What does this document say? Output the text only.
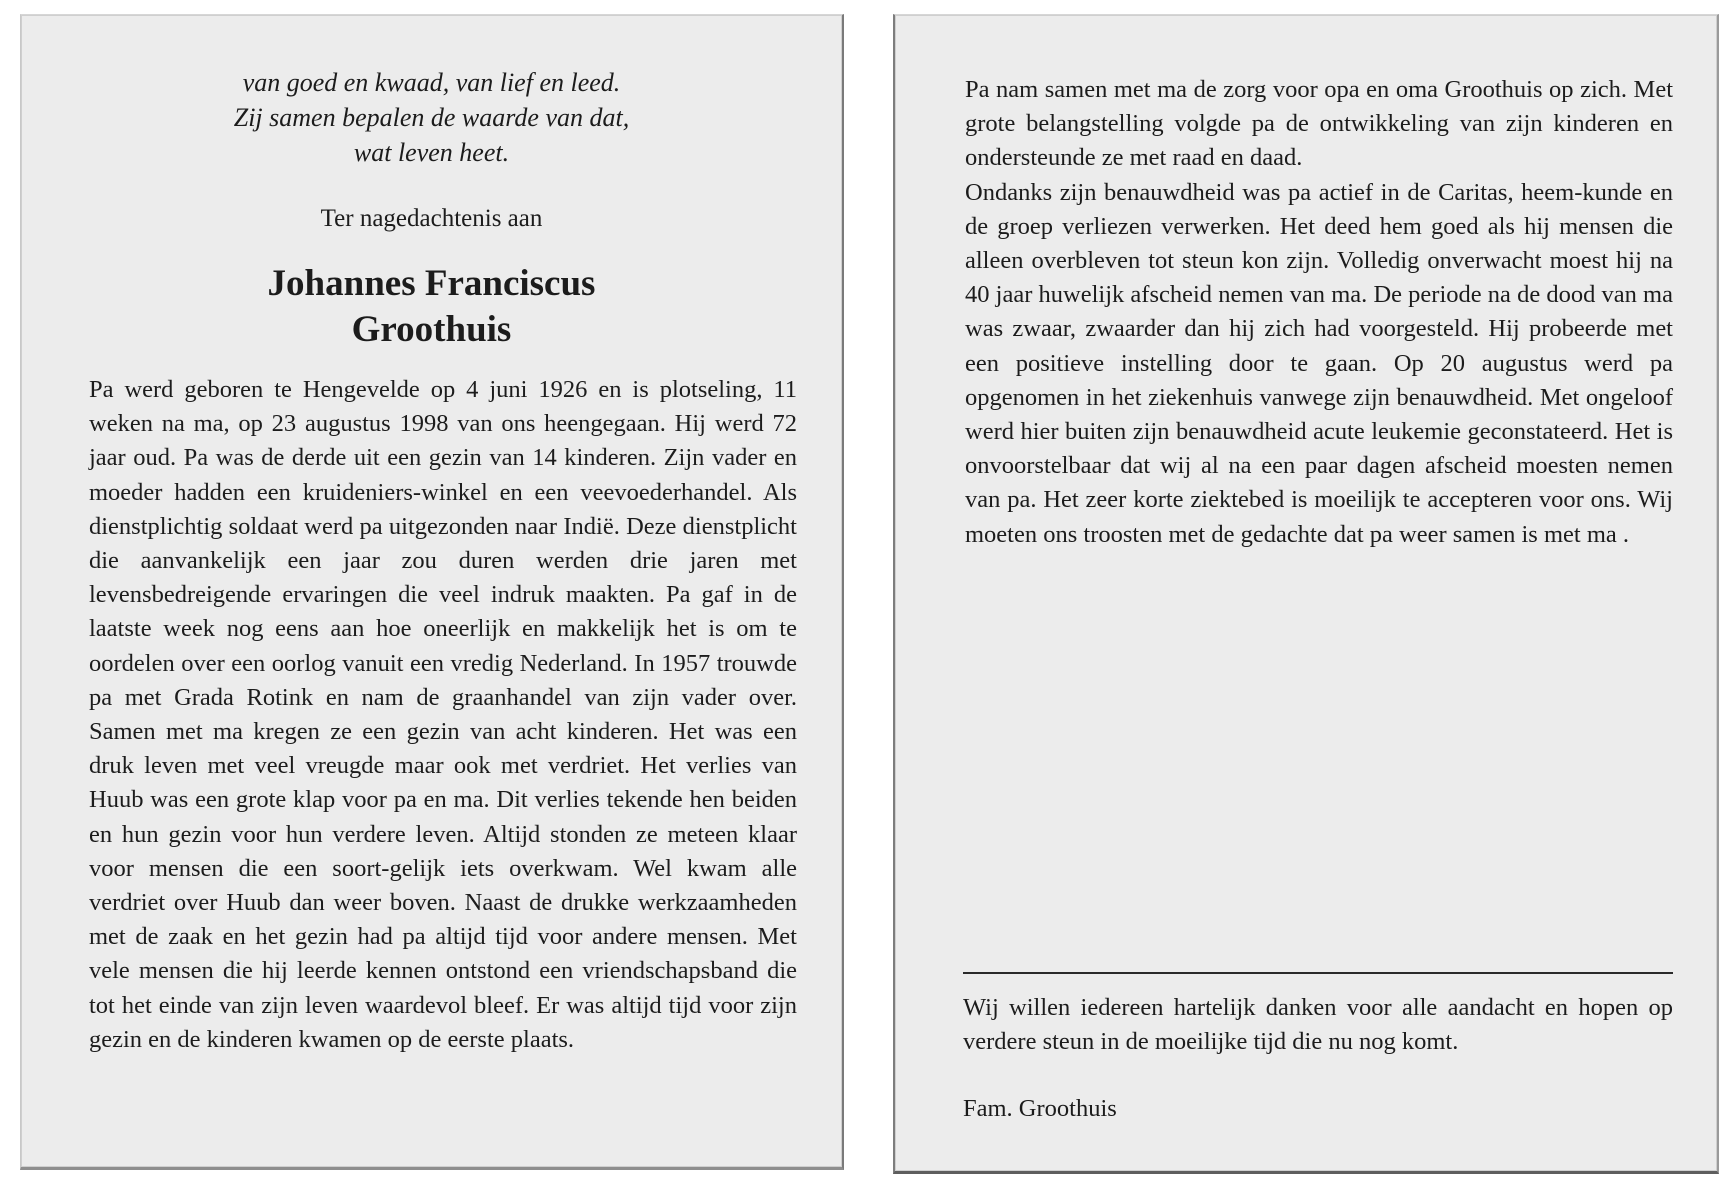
van goed en kwaad, van lief en leed.
Zij samen bepalen de waarde van dat,
wat leven heet.
Ter nagedachtenis aan
Johannes Franciscus
Groothuis

Pa werd geboren te Hengevelde op 4 juni 1926 en is plotseling, 11 weken na ma, op 23 augustus 1998 van ons heengegaan. Hij werd 72 jaar oud. Pa was de derde uit een gezin van 14 kinderen. Zijn vader en moeder hadden een kruideniers-winkel en een veevoederhandel. Als dienstplichtig soldaat werd pa uitgezonden naar Indië. Deze dienstplicht die aanvankelijk een jaar zou duren werden drie jaren met levensbedreigende ervaringen die veel indruk maakten. Pa gaf in de laatste week nog eens aan hoe oneerlijk en makkelijk het is om te oordelen over een oorlog vanuit een vredig Nederland. In 1957 trouwde pa met Grada Rotink en nam de graanhandel van zijn vader over. Samen met ma kregen ze een gezin van acht kinderen. Het was een druk leven met veel vreugde maar ook met verdriet. Het verlies van Huub was een grote klap voor pa en ma. Dit verlies tekende hen beiden en hun gezin voor hun verdere leven. Altijd stonden ze meteen klaar voor mensen die een soort-gelijk iets overkwam. Wel kwam alle verdriet over Huub dan weer boven. Naast de drukke werkzaamheden met de zaak en het gezin had pa altijd tijd voor andere mensen. Met vele mensen die hij leerde kennen ontstond een vriendschapsband die tot het einde van zijn leven waardevol bleef. Er was altijd tijd voor zijn gezin en de kinderen kwamen op de eerste plaats.

Pa nam samen met ma de zorg voor opa en oma Groothuis op zich. Met grote belangstelling volgde pa de ontwikkeling van zijn kinderen en ondersteunde ze met raad en daad.

Ondanks zijn benauwdheid was pa actief in de Caritas, heem-kunde en de groep verliezen verwerken. Het deed hem goed als hij mensen die alleen overbleven tot steun kon zijn. Volledig onverwacht moest hij na 40 jaar huwelijk afscheid nemen van ma. De periode na de dood van ma was zwaar, zwaarder dan hij zich had voorgesteld. Hij probeerde met een positieve instelling door te gaan. Op 20 augustus werd pa opgenomen in het ziekenhuis vanwege zijn benauwdheid. Met ongeloof werd hier buiten zijn benauwdheid acute leukemie geconstateerd. Het is onvoorstelbaar dat wij al na een paar dagen afscheid moesten nemen van pa. Het zeer korte ziektebed is moeilijk te accepteren voor ons. Wij moeten ons troosten met de gedachte dat pa weer samen is met ma .

Wij willen iedereen hartelijk danken voor alle aandacht en hopen op verdere steun in de moeilijke tijd die nu nog komt.

Fam. Groothuis
